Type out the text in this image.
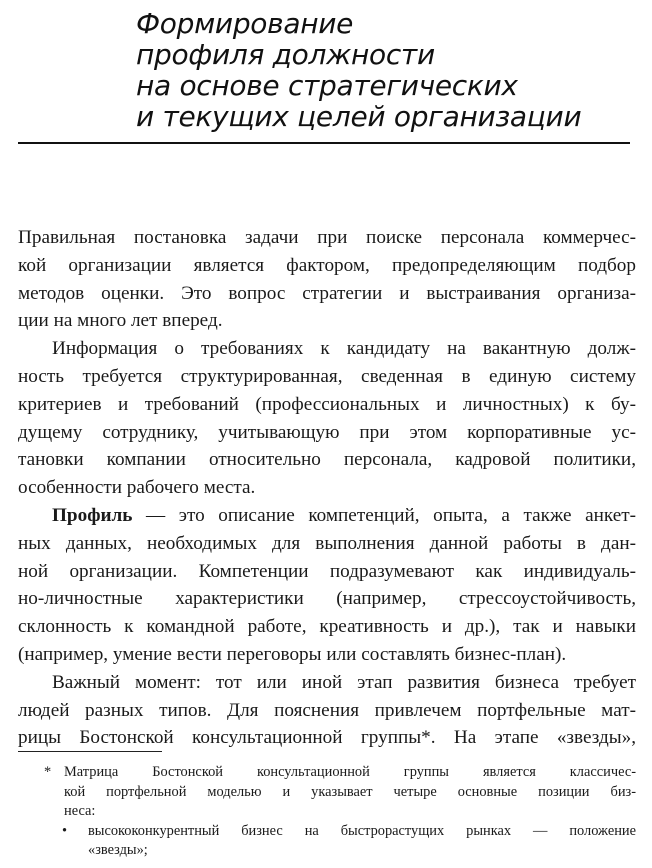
Формирование
профиля должности
на основе стратегических
и текущих целей организации
Правильная постановка задачи при поиске персонала коммерчес-
кой организации является фактором, предопределяющим подбор
методов оценки. Это вопрос стратегии и выстраивания организа-
ции на много лет вперед.
Информация о требованиях к кандидату на вакантную долж-
ность требуется структурированная, сведенная в единую систему
критериев и требований (профессиональных и личностных) к бу-
дущему сотруднику, учитывающую при этом корпоративные ус-
тановки компании относительно персонала, кадровой политики,
особенности рабочего места.
Профиль — это описание компетенций, опыта, а также анкет-
ных данных, необходимых для выполнения данной работы в дан-
ной организации. Компетенции подразумевают как индивидуаль-
но-личностные характеристики (например, стрессоустойчивость,
склонность к командной работе, креативность и др.), так и навыки
(например, умение вести переговоры или составлять бизнес-план).
Важный момент: тот или иной этап развития бизнеса требует
людей разных типов. Для пояснения привлечем портфельные мат-
рицы Бостонской консультационной группы*. На этапе «звезды»,
* Матрица Бостонской консультационной группы является классичес-
кой портфельной моделью и указывает четыре основные позиции биз-
неса:
• высококонкурентный бизнес на быстрорастущих рынках — положение
«звезды»;
